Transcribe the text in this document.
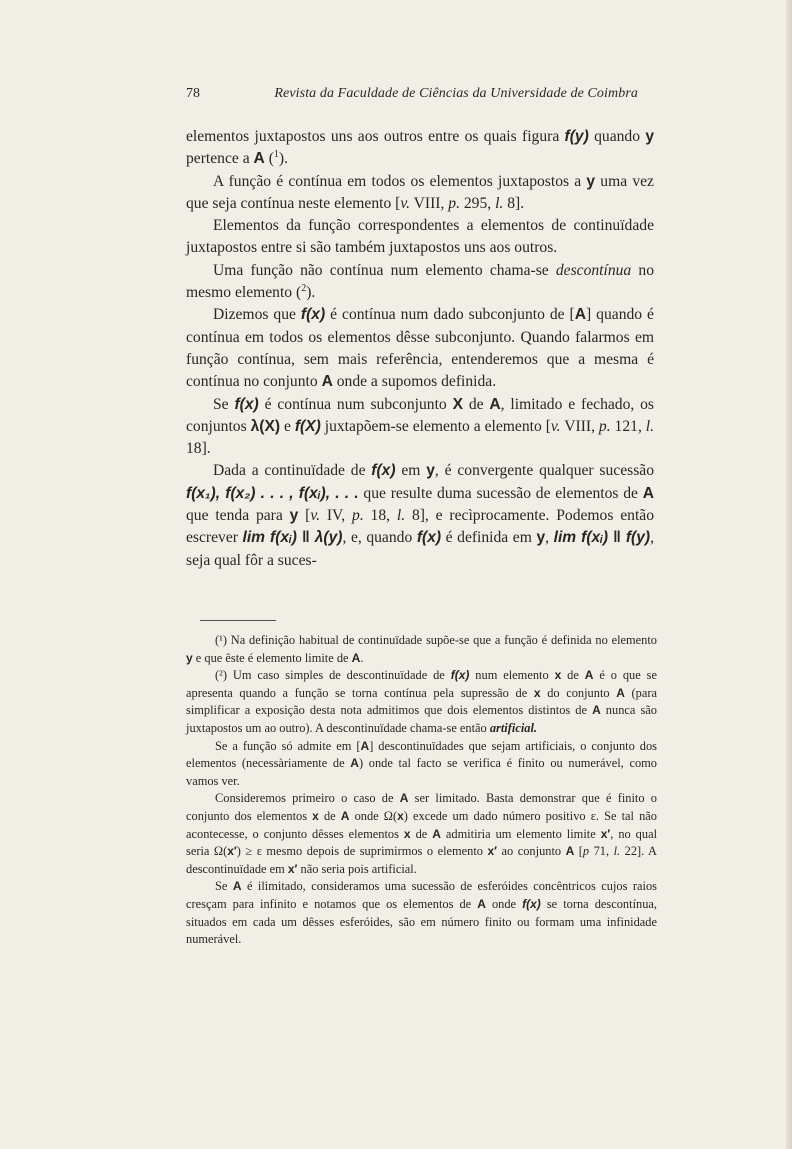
78	Revista da Faculdade de Ciências da Universidade de Coimbra

elementos juxtapostos uns aos outros entre os quais figura f(y) quando y pertence a A ($^1$).

A função é contínua em todos os elementos juxtapostos a y uma vez que seja contínua neste elemento [v. VIII, p. 295, l. 8].

Elementos da função correspondentes a elementos de continuïdade juxtapostos entre si são também juxtapostos uns aos outros.

Uma função não contínua num elemento chama-se descontínua no mesmo elemento ($^2$).

Dizemos que f(x) é contínua num dado subconjunto de [A] quando é contínua em todos os elementos dêsse subconjunto. Quando falarmos em função contínua, sem mais referência, entenderemos que a mesma é contínua no conjunto A onde a supomos definida.

Se f(x) é contínua num subconjunto X de A, limitado e fechado, os conjuntos λ(X) e f(X) juxtapõem-se elemento a elemento [v. VIII, p. 121, l. 18].

Dada a continuïdade de f(x) em y, é convergente qualquer sucessão f(x₁), f(x₂) . . . , f(xᵢ), . . . que resulte duma sucessão de elementos de A que tenda para y [v. IV, p. 18, l. 8], e recìprocamente. Podemos então escrever lim f(xᵢ) ‖ λ(y), e, quando f(x) é definida em y, lim f(xᵢ) ‖ f(y), seja qual fôr a suces-

(¹) Na definição habitual de continuïdade supõe-se que a função é definida no elemento y e que êste é elemento limite de A.

(²) Um caso simples de descontinuïdade de f(x) num elemento x de A é o que se apresenta quando a função se torna contínua pela supressão de x do conjunto A (para simplificar a exposição desta nota admitimos que dois elementos distintos de A nunca são juxtapostos um ao outro). A descontinuïdade chama-se então artificial.

Se a função só admite em [A] descontinuïdades que sejam artificiais, o conjunto dos elementos (necessàriamente de A) onde tal facto se verifica é finito ou numerável, como vamos ver.

Consideremos primeiro o caso de A ser limitado. Basta demonstrar que é finito o conjunto dos elementos x de A onde Ω(x) excede um dado número positivo ε. Se tal não acontecesse, o conjunto dêsses elementos x de A admitiria um elemento limite x′, no qual seria Ω(x′) ≥ ε mesmo depois de suprimirmos o elemento x′ ao conjunto A [p 71, l. 22]. A descontinuïdade em x′ não seria pois artificial.

Se A é ilimitado, consideramos uma sucessão de esferóides concêntricos cujos raios cresçam para infinito e notamos que os elementos de A onde f(x) se torna descontínua, situados em cada um dêsses esferóides, são em número finito ou formam uma infinidade numerável.
